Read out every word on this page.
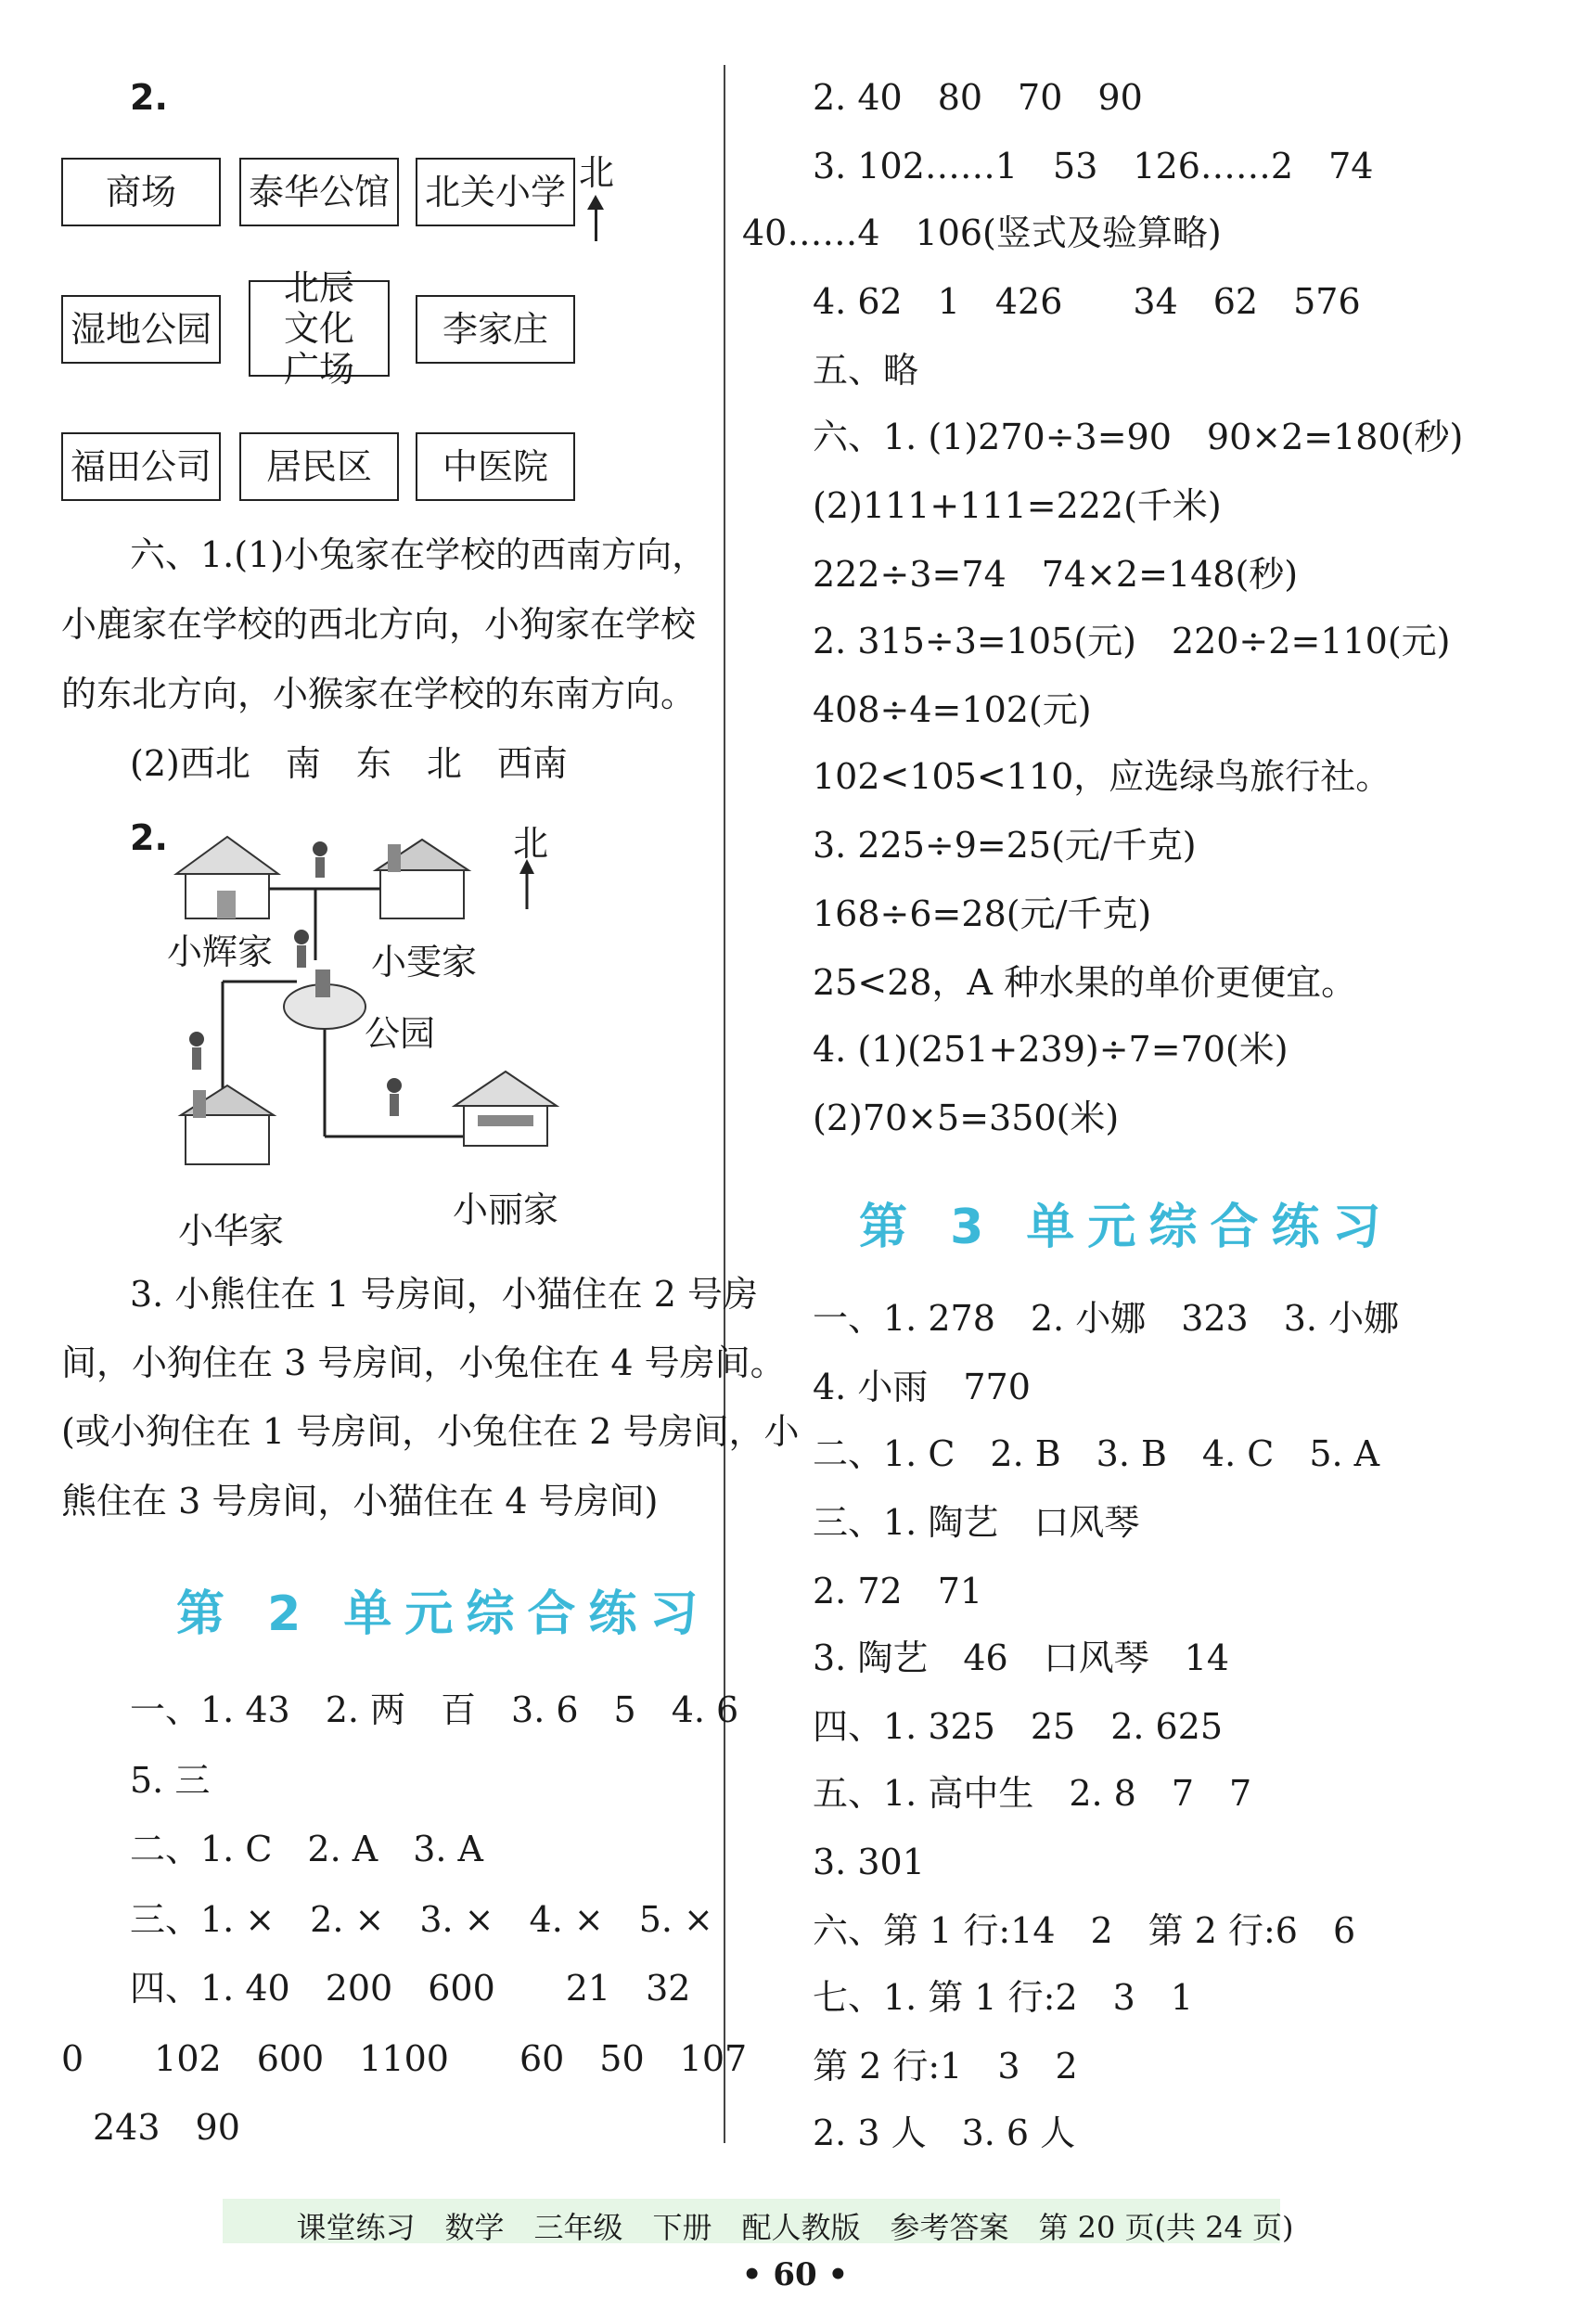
2.
商场	泰华公馆 北关小学
湿地公园
北辰文化广场
李家庄
福田公司	居民区	中医院
北
六、1.(1)小兔家在学校的西南方向，
小鹿家在学校的西北方向，小狗家在学校
的东北方向，小猴家在学校的东南方向。
(2)西北　南　东　北　西南
2.	北
小辉家	小雯家
公园
小华家
小丽家
3. 小熊住在 1 号房间，小猫住在 2 号房
间，小狗住在 3 号房间，小兔住在 4 号房间。
(或小狗住在 1 号房间，小兔住在 2 号房间，小
熊住在 3 号房间，小猫住在 4 号房间)
第 2 单元综合练习
一、1. 43　2. 两　百　3. 6　5　4. 6
5. 三
二、1. C　2. A　3. A
三、1. ×　2. ×　3. ×　4. ×　5. ×
四、1. 40　200　600　　21　32
0　　102　600　1100　　60　50　107
243　90
2. 40　80　70　90
3. 102……1　53　126……2　74
40……4　106(竖式及验算略)
4. 62　1　426　　34　62　576
五、略
六、1. (1)270÷3=90　90×2=180(秒)
(2)111+111=222(千米)
222÷3=74　74×2=148(秒)
2. 315÷3=105(元)　220÷2=110(元)
408÷4=102(元)
102<105<110，应选绿鸟旅行社。
3. 225÷9=25(元/千克)
168÷6=28(元/千克)
25<28，A 种水果的单价更便宜。
4. (1)(251+239)÷7=70(米)
(2)70×5=350(米)
第 3 单元综合练习
一、1. 278　2. 小娜　323　3. 小娜
4. 小雨　770
二、1. C　2. B　3. B　4. C　5. A
三、1. 陶艺　口风琴
2. 72　71
3. 陶艺　46　口风琴　14
四、1. 325　25　2. 625
五、1. 高中生　2. 8　7　7
3. 301
六、第 1 行:14　2　第 2 行:6　6
七、1. 第 1 行:2　3　1
第 2 行:1　3　2
2. 3 人　3. 6 人
课堂练习　数学　三年级　下册　配人教版　参考答案　第 20 页(共 24 页)
• 60 •
